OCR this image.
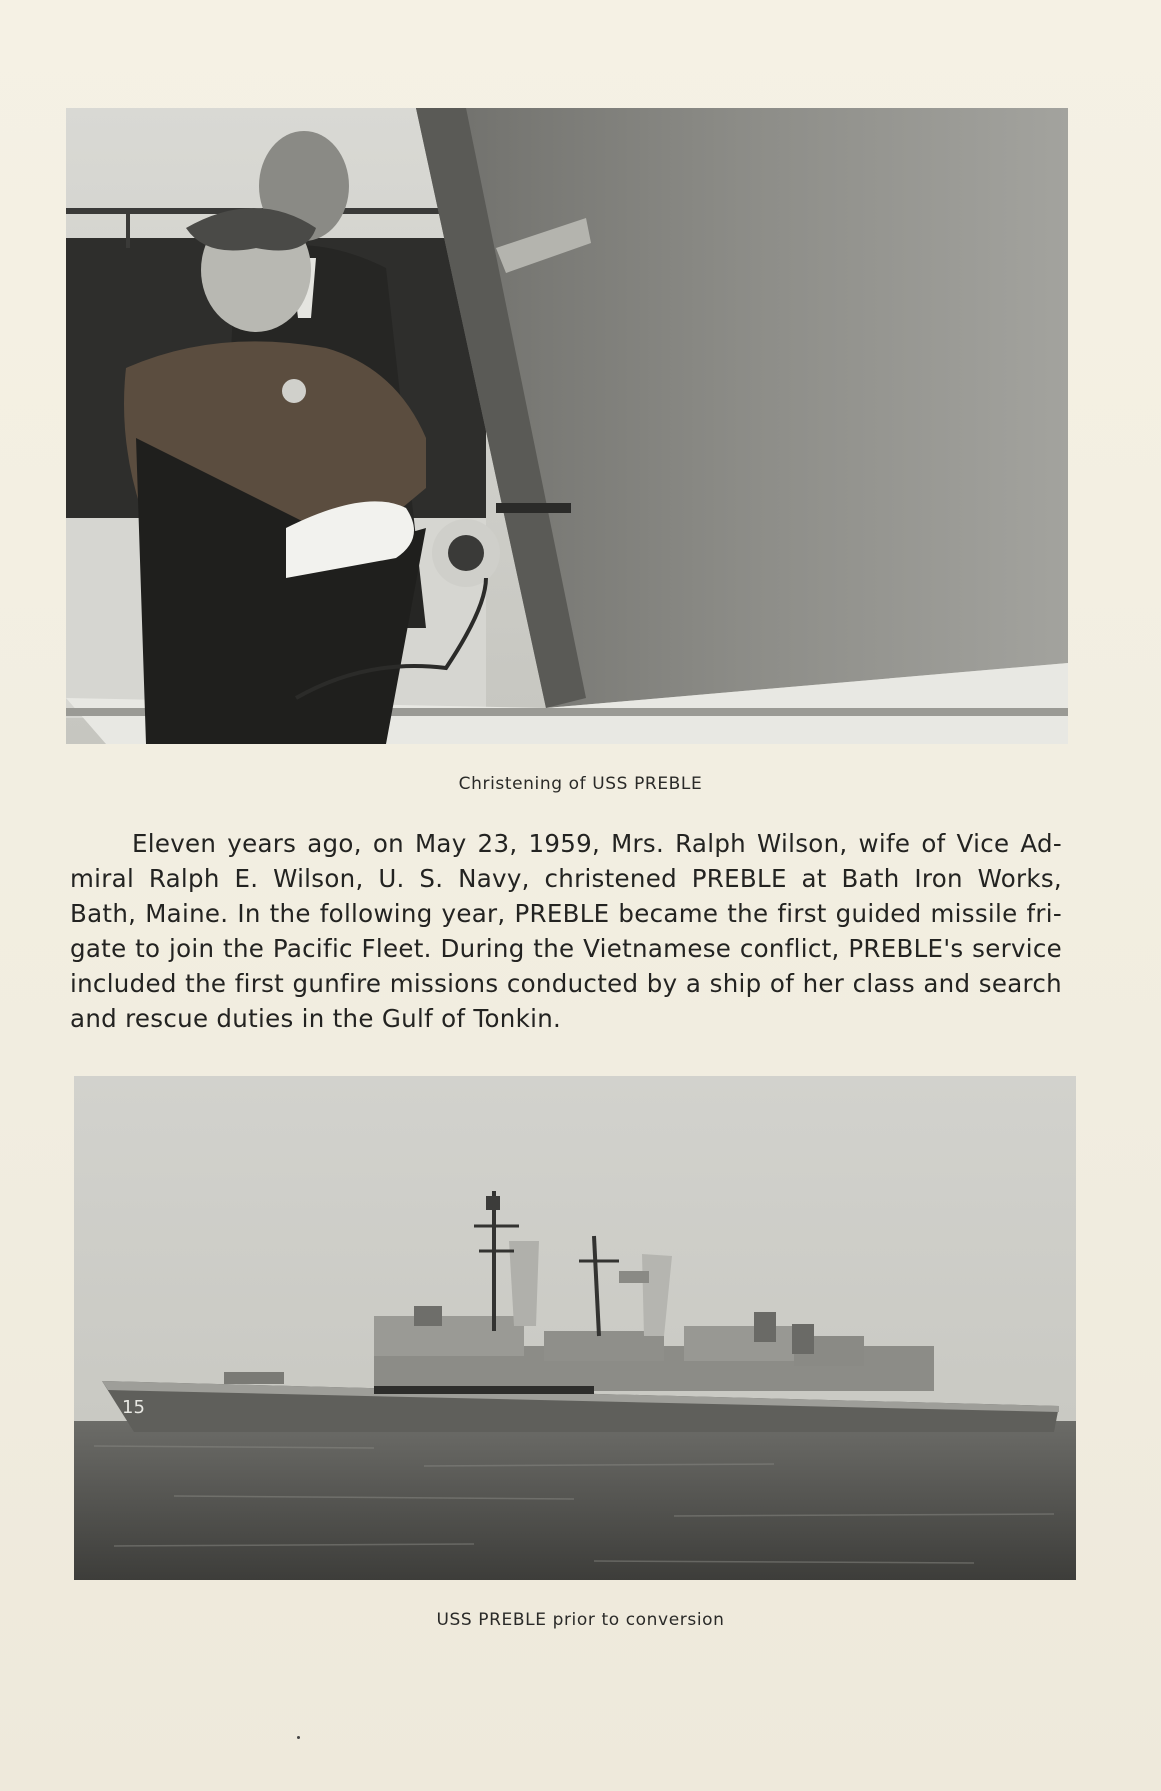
Christening of USS PREBLE
Eleven years ago, on May 23, 1959, Mrs. Ralph Wilson, wife of Vice Ad-
miral Ralph E. Wilson, U. S. Navy, christened PREBLE at Bath Iron Works,
Bath, Maine. In the following year, PREBLE became the first guided missile fri-
gate to join the Pacific Fleet. During the Vietnamese conflict, PREBLE's service
included the first gunfire missions conducted by a ship of her class and search
and rescue duties in the Gulf of Tonkin.
15
USS PREBLE prior to conversion
